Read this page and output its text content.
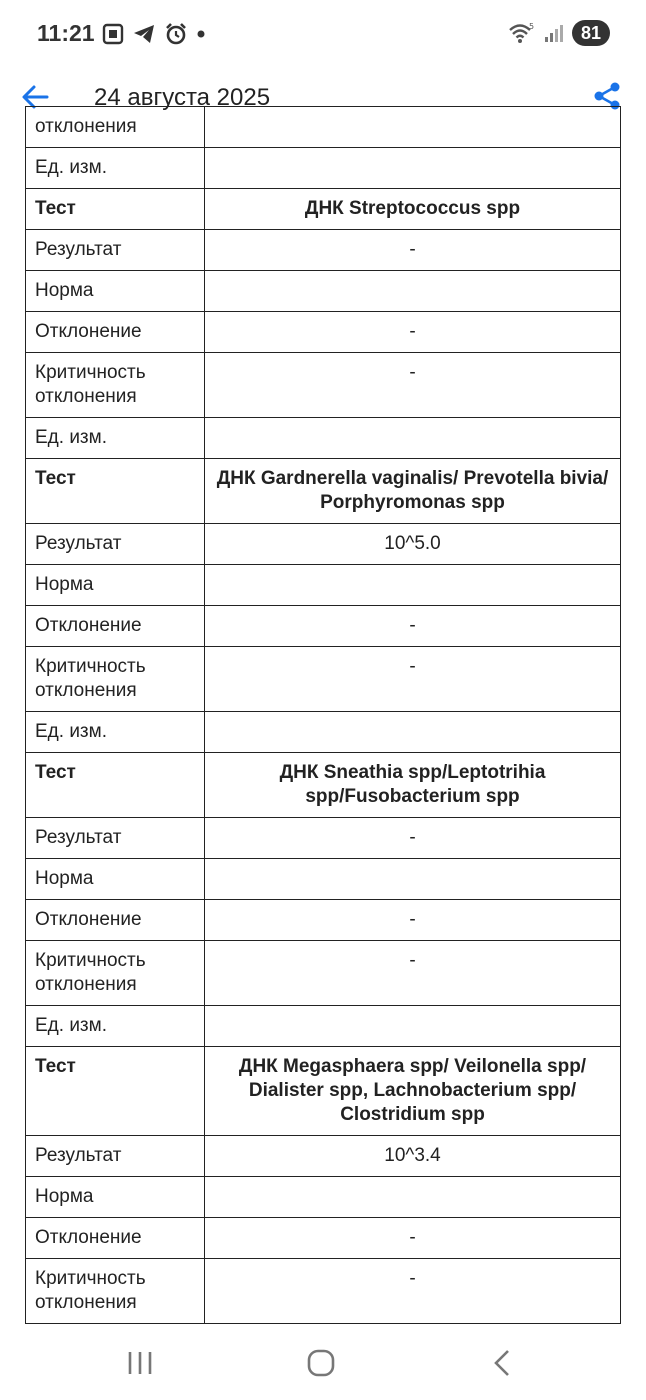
11:21	5	81
24 августа 2025
отклонения	
Ед. изм.	
Тест	ДНК Streptococcus spp
Результат	-
Норма	
Отклонение	-
Критичность отклонения	-
Ед. изм.	
Тест	ДНК Gardnerella vaginalis/ Prevotella bivia/ Porphyromonas spp
Результат	10^5.0
Норма	
Отклонение	-
Критичность отклонения	-
Ед. изм.	
Тест	ДНК Sneathia spp/Leptotrihia spp/Fusobacterium spp
Результат	-
Норма	
Отклонение	-
Критичность отклонения	-
Ед. изм.	
Тест	ДНК Megasphaera spp/ Veilonella spp/ Dialister spp, Lachnobacterium spp/ Clostridium spp
Результат	10^3.4
Норма	
Отклонение	-
Критичность отклонения	-
